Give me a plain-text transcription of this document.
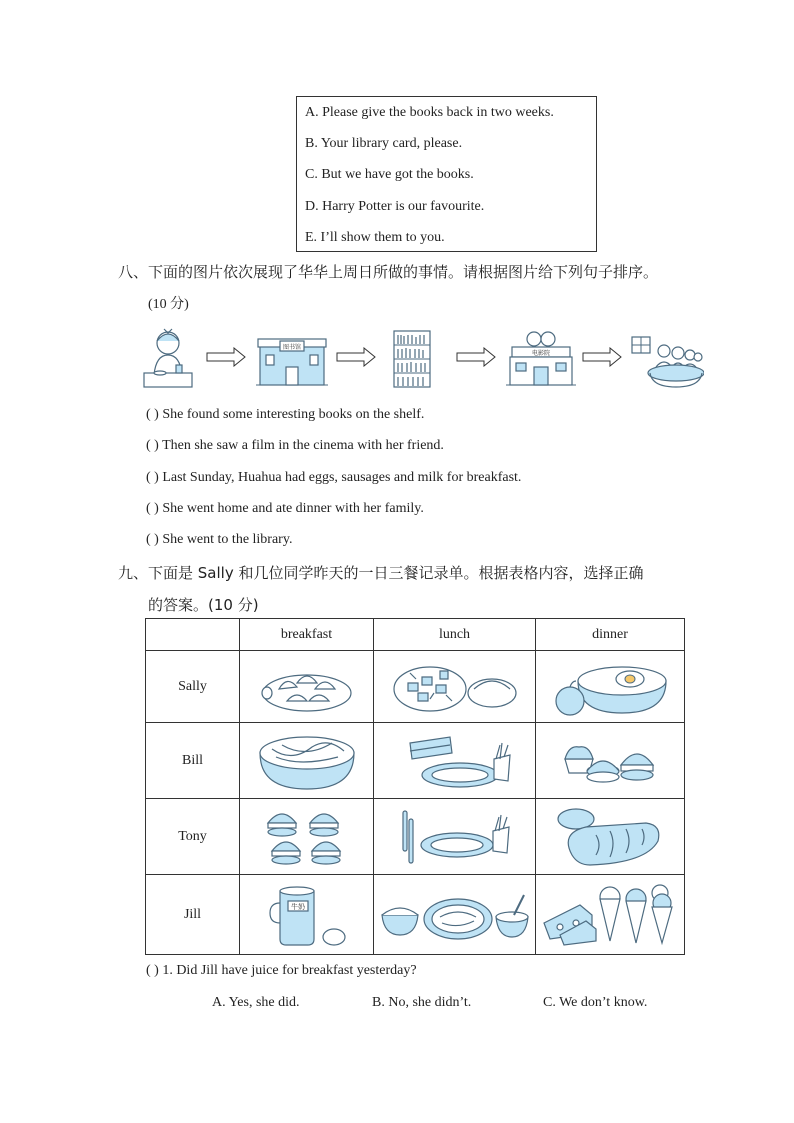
A. Please give the books back in two weeks.
B. Your library card, please.
C. But we have got the books.
D. Harry Potter is our favourite.
E. I’ll show them to you.
八、下面的图片依次展现了华华上周日所做的事情。请根据图片给下列句子排序。
(10 分)
图书馆
电影院
( ) She found some interesting books on the shelf.
( ) Then she saw a film in the cinema with her friend.
( ) Last Sunday, Huahua had eggs, sausages and milk for breakfast.
( ) She went home and ate dinner with her family.
( ) She went to the library.
九、下面是 Sally 和几位同学昨天的一日三餐记录单。根据表格内容，选择正确
的答案。(10 分)
	breakfast	lunch	dinner
Sally	

Bill	

Tony	

Jill	牛奶

( ) 1. Did Jill have juice for breakfast yesterday?
A. Yes, she did.	B. No, she didn’t.	C. We don’t know.
